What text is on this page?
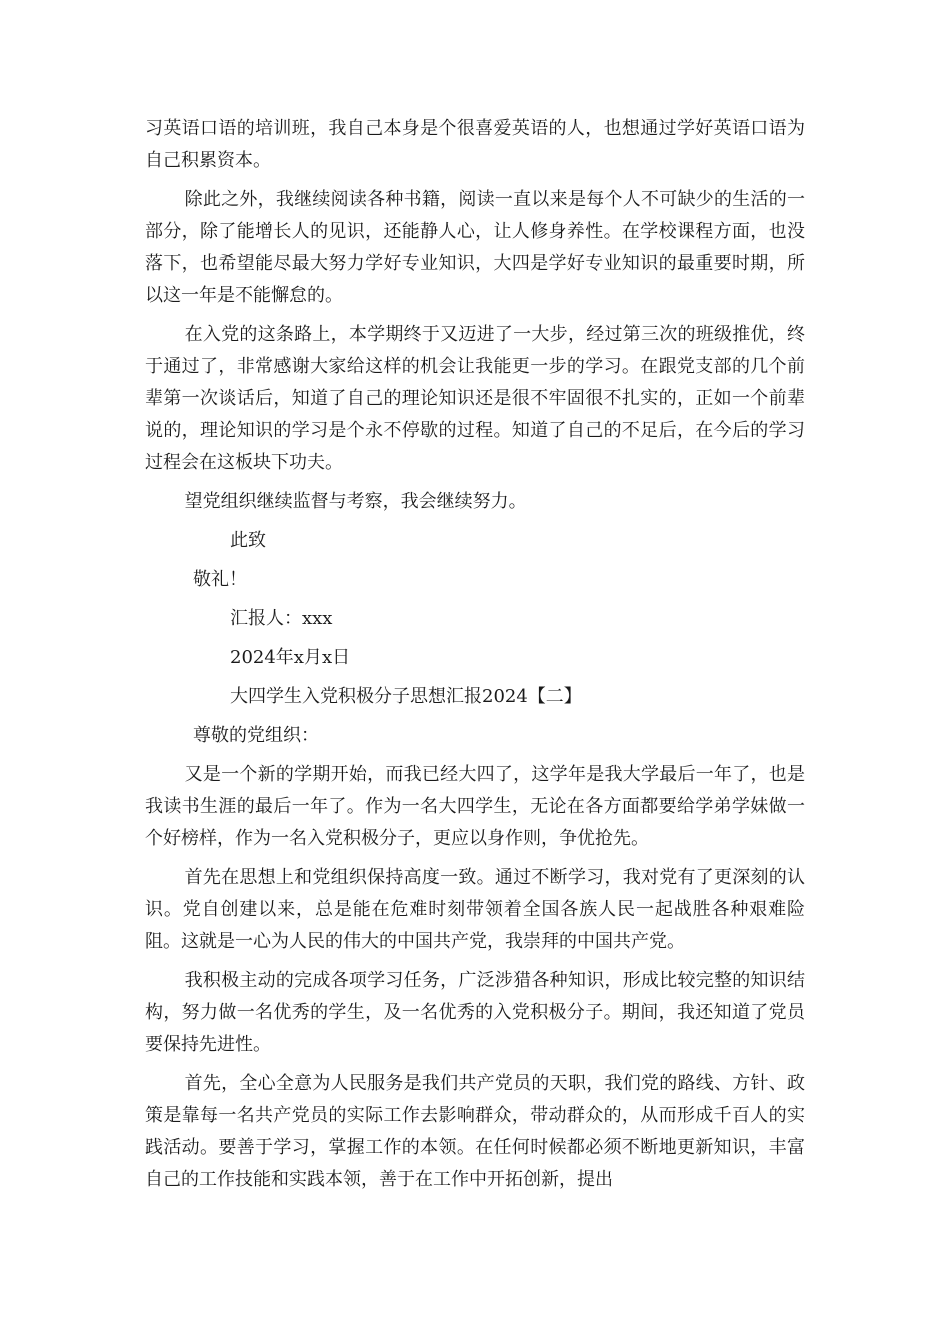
习英语口语的培训班，我自己本身是个很喜爱英语的人，也想通过学好英语口语为自己积累资本。

除此之外，我继续阅读各种书籍，阅读一直以来是每个人不可缺少的生活的一部分，除了能增长人的见识，还能静人心，让人修身养性。在学校课程方面，也没落下，也希望能尽最大努力学好专业知识，大四是学好专业知识的最重要时期，所以这一年是不能懈怠的。

在入党的这条路上，本学期终于又迈进了一大步，经过第三次的班级推优，终于通过了，非常感谢大家给这样的机会让我能更一步的学习。在跟党支部的几个前辈第一次谈话后，知道了自己的理论知识还是很不牢固很不扎实的，正如一个前辈说的，理论知识的学习是个永不停歇的过程。知道了自己的不足后，在今后的学习过程会在这板块下功夫。

望党组织继续监督与考察，我会继续努力。

此致
敬礼！
汇报人：xxx
2024年x月x日
大四学生入党积极分子思想汇报2024【二】
尊敬的党组织：

又是一个新的学期开始，而我已经大四了，这学年是我大学最后一年了，也是我读书生涯的最后一年了。作为一名大四学生，无论在各方面都要给学弟学妹做一个好榜样，作为一名入党积极分子，更应以身作则，争优抢先。

首先在思想上和党组织保持高度一致。通过不断学习，我对党有了更深刻的认识。党自创建以来，总是能在危难时刻带领着全国各族人民一起战胜各种艰难险阻。这就是一心为人民的伟大的中国共产党，我崇拜的中国共产党。

我积极主动的完成各项学习任务，广泛涉猎各种知识，形成比较完整的知识结构，努力做一名优秀的学生，及一名优秀的入党积极分子。期间，我还知道了党员要保持先进性。

首先，全心全意为人民服务是我们共产党员的天职，我们党的路线、方针、政策是靠每一名共产党员的实际工作去影响群众，带动群众的，从而形成千百人的实践活动。要善于学习，掌握工作的本领。在任何时候都必须不断地更新知识，丰富自己的工作技能和实践本领，善于在工作中开拓创新，提出
